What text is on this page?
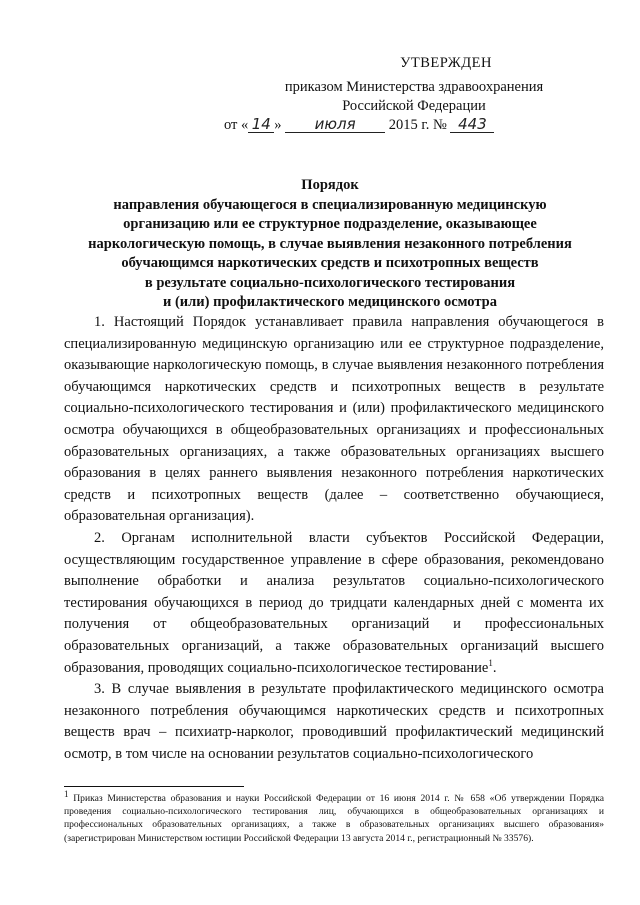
УТВЕРЖДЕН
приказом Министерства здравоохранения
Российской Федерации
от « 14 » июля 2015 г. № 443
Порядок
направления обучающегося в специализированную медицинскую
организацию или ее структурное подразделение, оказывающее
наркологическую помощь, в случае выявления незаконного потребления
обучающимся наркотических средств и психотропных веществ
в результате социально-психологического тестирования
и (или) профилактического медицинского осмотра

1. Настоящий Порядок устанавливает правила направления обучающегося в специализированную медицинскую организацию или ее структурное подразделение, оказывающие наркологическую помощь, в случае выявления незаконного потребления обучающимся наркотических средств и психотропных веществ в результате социально-психологического тестирования и (или) профилактического медицинского осмотра обучающихся в общеобразовательных организациях и профессиональных образовательных организациях, а также образовательных организациях высшего образования в целях раннего выявления незаконного потребления наркотических средств и психотропных веществ (далее – соответственно обучающиеся, образовательная организация).

2. Органам исполнительной власти субъектов Российской Федерации, осуществляющим государственное управление в сфере образования, рекомендовано выполнение обработки и анализа результатов социально-психологического тестирования обучающихся в период до тридцати календарных дней с момента их получения от общеобразовательных организаций и профессиональных образовательных организаций, а также образовательных организаций высшего образования, проводящих социально-психологическое тестирование$^1$.

3. В случае выявления в результате профилактического медицинского осмотра незаконного потребления обучающимся наркотических средств и психотропных веществ врач – психиатр-нарколог, проводивший профилактический медицинский осмотр, в том числе на основании результатов социально-психологического

1 Приказ Министерства образования и науки Российской Федерации от 16 июня 2014 г. № 658 «Об утверждении Порядка проведения социально-психологического тестирования лиц, обучающихся в общеобразовательных организациях и профессиональных образовательных организациях, а также в образовательных организациях высшего образования» (зарегистрирован Министерством юстиции Российской Федерации 13 августа 2014 г., регистрационный № 33576).
